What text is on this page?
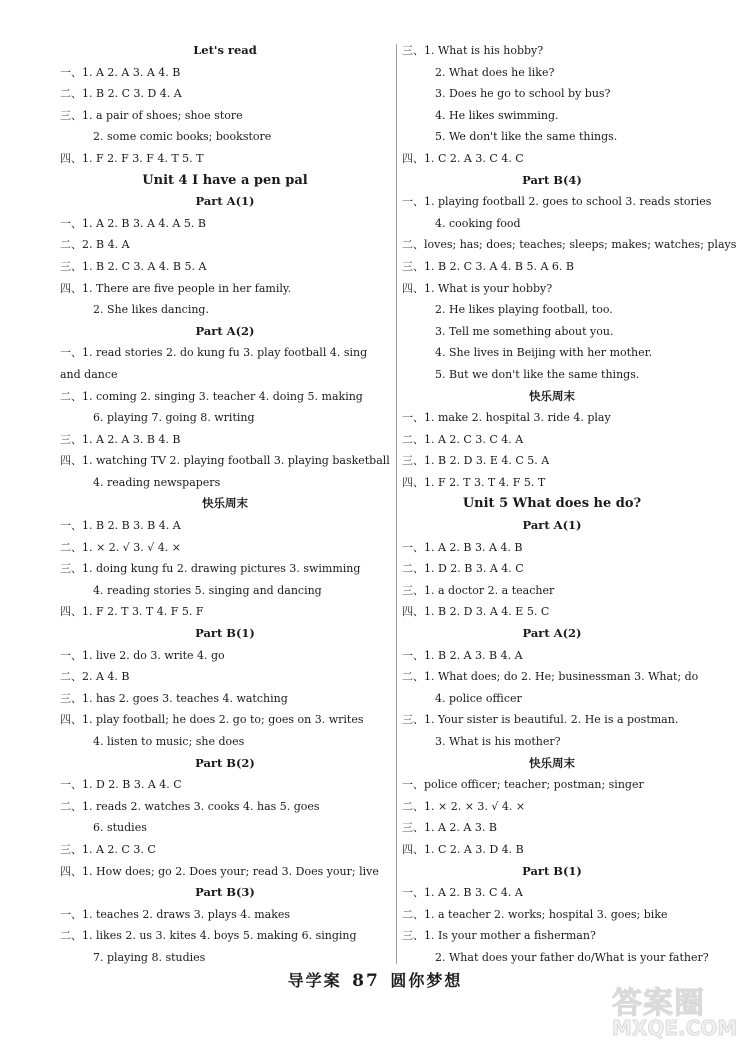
Let's read
一、1. A 2. A 3. A 4. B
二、1. B 2. C 3. D 4. A
三、1. a pair of shoes; shoe store
2. some comic books; bookstore
四、1. F 2. F 3. F 4. T 5. T
Unit 4 I have a pen pal
Part A(1)
一、1. A 2. B 3. A 4. A 5. B
二、2. B 4. A
三、1. B 2. C 3. A 4. B 5. A
四、1. There are five people in her family.
2. She likes dancing.
Part A(2)
一、1. read stories 2. do kung fu 3. play football 4. sing
and dance
二、1. coming 2. singing 3. teacher 4. doing 5. making
6. playing 7. going 8. writing
三、1. A 2. A 3. B 4. B
四、1. watching TV 2. playing football 3. playing basketball
4. reading newspapers
快乐周末
一、1. B 2. B 3. B 4. A
二、1. × 2. √ 3. √ 4. ×
三、1. doing kung fu 2. drawing pictures 3. swimming
4. reading stories 5. singing and dancing
四、1. F 2. T 3. T 4. F 5. F
Part B(1)
一、1. live 2. do 3. write 4. go
二、2. A 4. B
三、1. has 2. goes 3. teaches 4. watching
四、1. play football; he does 2. go to; goes on 3. writes
4. listen to music; she does
Part B(2)
一、1. D 2. B 3. A 4. C
二、1. reads 2. watches 3. cooks 4. has 5. goes
6. studies
三、1. A 2. C 3. C
四、1. How does; go 2. Does your; read 3. Does your; live
Part B(3)
一、1. teaches 2. draws 3. plays 4. makes
二、1. likes 2. us 3. kites 4. boys 5. making 6. singing
7. playing 8. studies
三、1. What is his hobby?
2. What does he like?
3. Does he go to school by bus?
4. He likes swimming.
5. We don't like the same things.
四、1. C 2. A 3. C 4. C
Part B(4)
一、1. playing football 2. goes to school 3. reads stories
4. cooking food
二、loves; has; does; teaches; sleeps; makes; watches; plays
三、1. B 2. C 3. A 4. B 5. A 6. B
四、1. What is your hobby?
2. He likes playing football, too.
3. Tell me something about you.
4. She lives in Beijing with her mother.
5. But we don't like the same things.
快乐周末
一、1. make 2. hospital 3. ride 4. play
二、1. A 2. C 3. C 4. A
三、1. B 2. D 3. E 4. C 5. A
四、1. F 2. T 3. T 4. F 5. T
Unit 5 What does he do?
Part A(1)
一、1. A 2. B 3. A 4. B
二、1. D 2. B 3. A 4. C
三、1. a doctor 2. a teacher
四、1. B 2. D 3. A 4. E 5. C
Part A(2)
一、1. B 2. A 3. B 4. A
二、1. What does; do 2. He; businessman 3. What; do
4. police officer
三、1. Your sister is beautiful. 2. He is a postman.
3. What is his mother?
快乐周末
一、police officer; teacher; postman; singer
二、1. × 2. × 3. √ 4. ×
三、1. A 2. A 3. B
四、1. C 2. A 3. D 4. B
Part B(1)
一、1. A 2. B 3. C 4. A
二、1. a teacher 2. works; hospital 3. goes; bike
三、1. Is your mother a fisherman?
2. What does your father do/What is your father?
导学案 87 圆你梦想
答案圈
MXQE.COM
